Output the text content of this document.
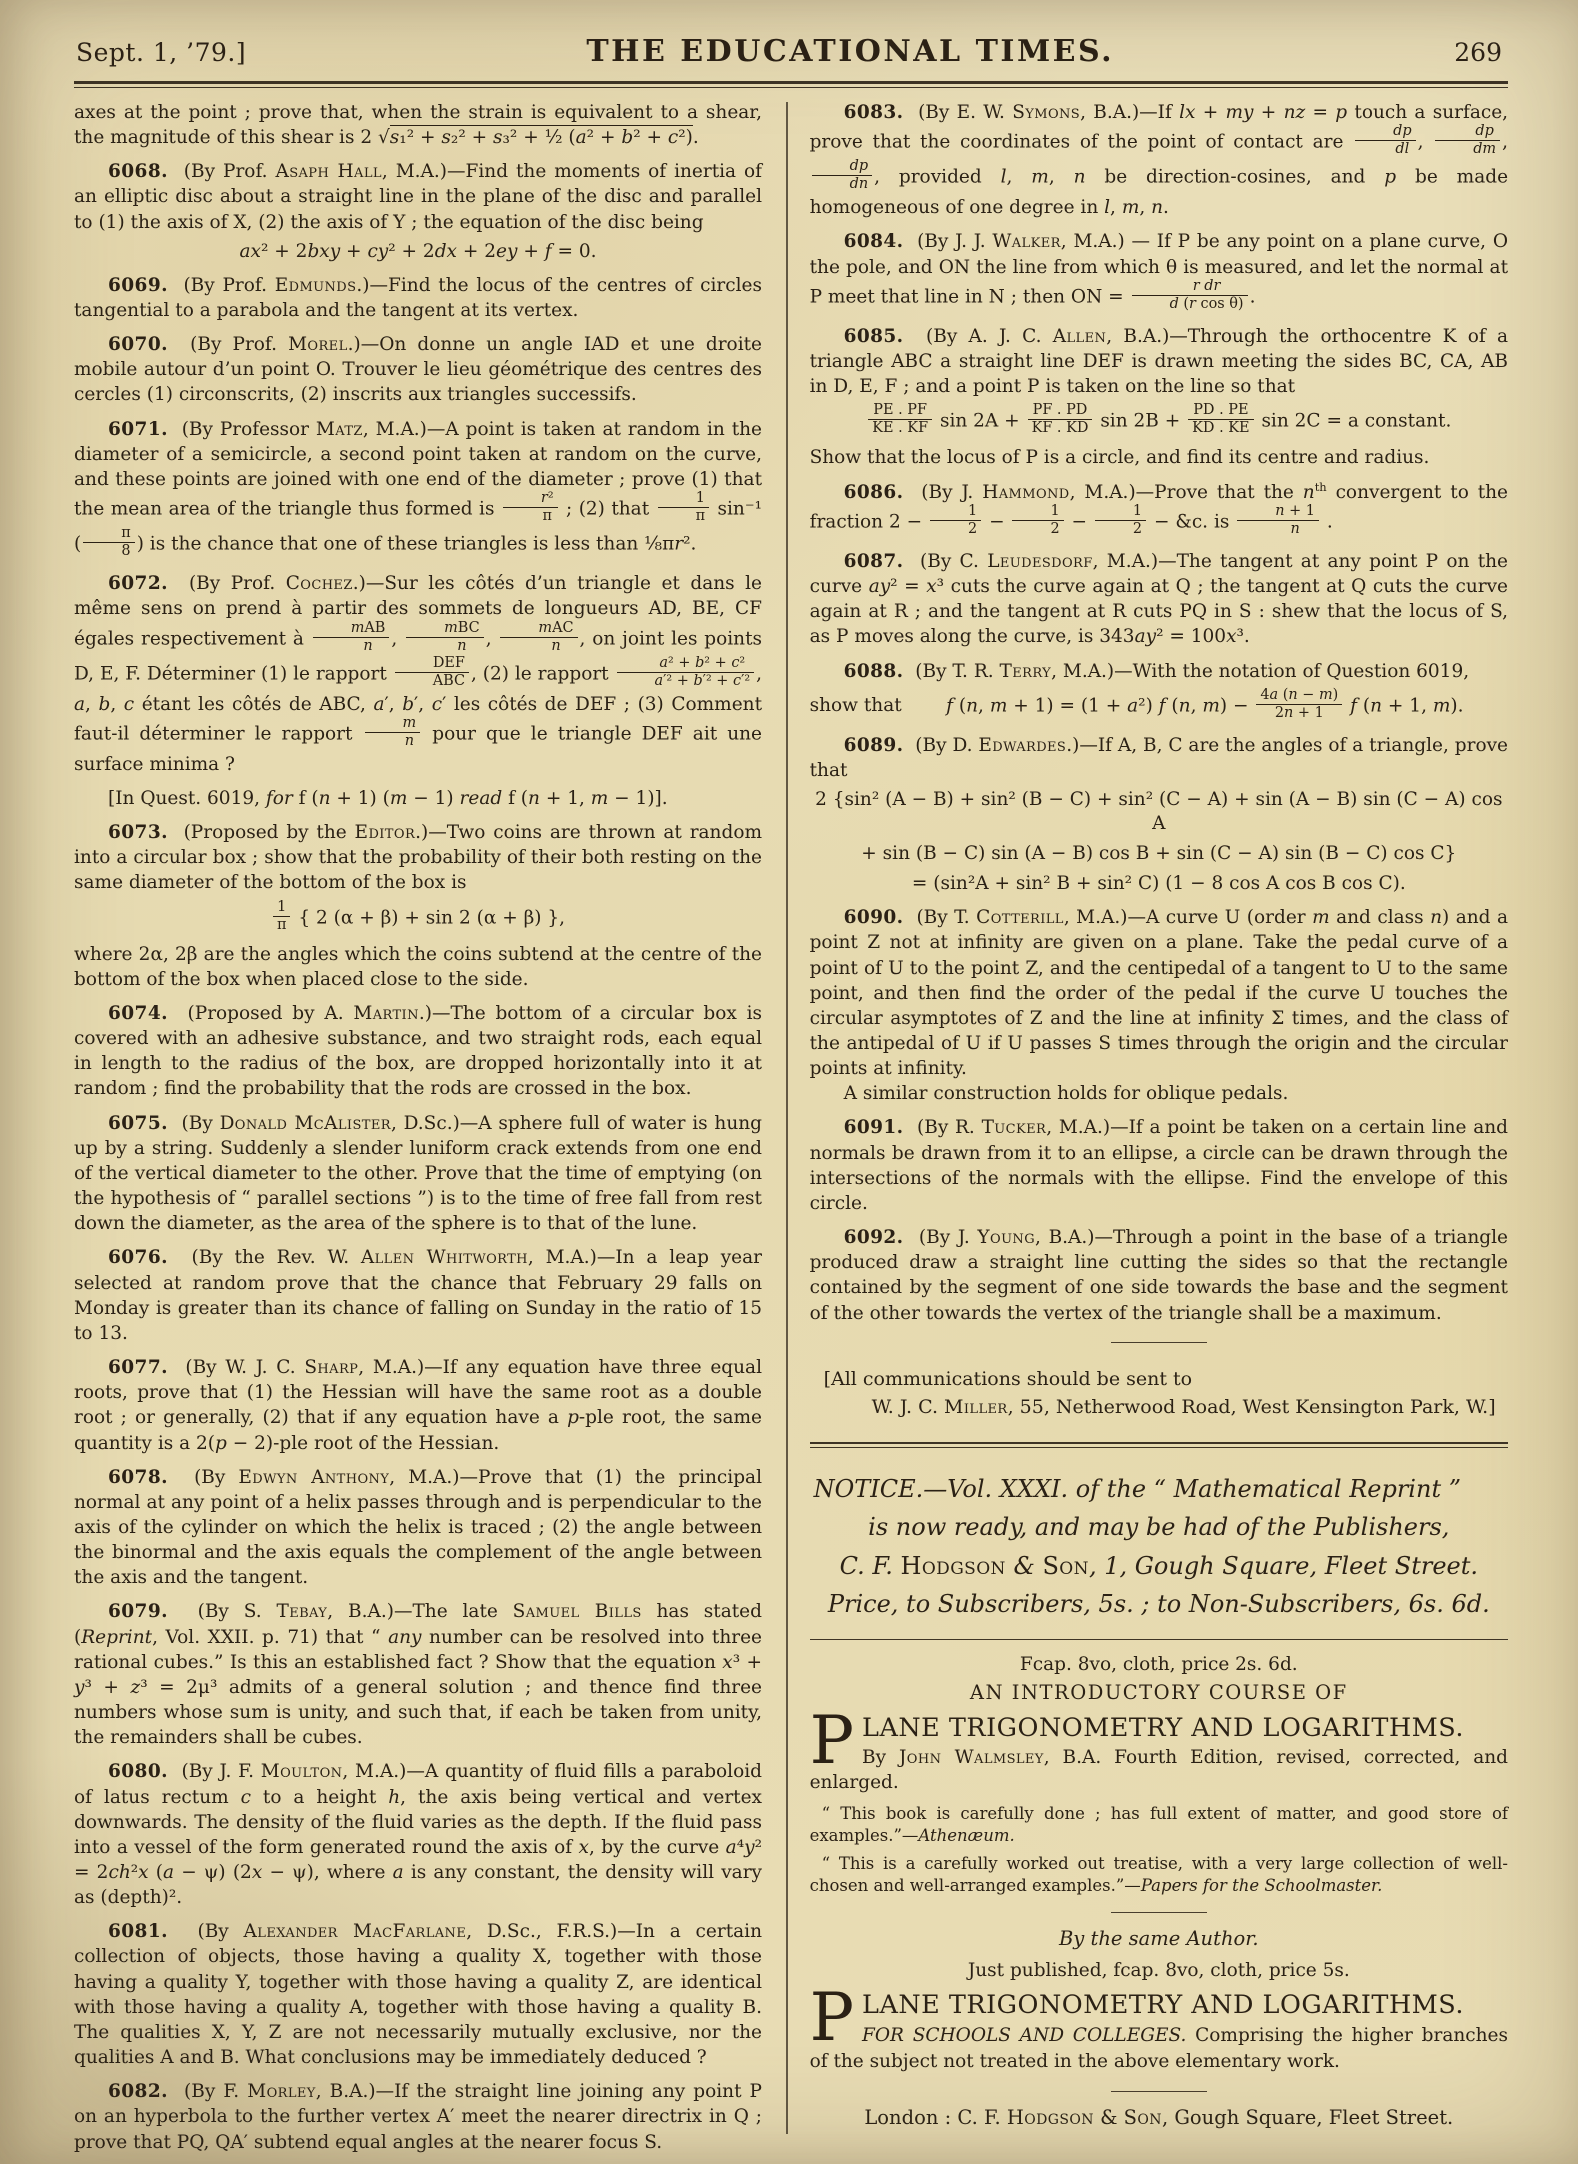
Sept. 1, ’79.]	THE EDUCATIONAL TIMES.	269

axes at the point ; prove that, when the strain is equivalent to a shear, the magnitude of this shear is 2 √s₁² + s₂² + s₃² + ½ (a² + b² + c²).

6068.  (By Prof. Asaph Hall, M.A.)—Find the moments of inertia of an elliptic disc about a straight line in the plane of the disc and parallel to (1) the axis of X, (2) the axis of Y ; the equation of the disc being

ax² + 2bxy + cy² + 2dx + 2ey + f = 0.

6069.  (By Prof. Edmunds.)—Find the locus of the centres of circles tangential to a parabola and the tangent at its vertex.

6070.  (By Prof. Morel.)—On donne un angle IAD et une droite mobile autour d’un point O. Trouver le lieu géométrique des centres des cercles (1) circonscrits, (2) inscrits aux triangles successifs.

6071.  (By Professor Matz, M.A.)—A point is taken at random in the diameter of a semicircle, a second point taken at random on the curve, and these points are joined with one end of the diameter ; prove (1) that the mean area of the triangle thus formed is $\frac{\text{r²}}{\pi}$ ; (2) that $\frac{1}{\pi} \sin^{-1}$ ( $\frac{\pi}{8}$ ) is the chance that one of these triangles is less than ⅛πr².

6072.  (By Prof. Cochez.)—Sur les côtés d’un triangle et dans le même sens on prend à partir des sommets de longueurs AD, BE, CF égales respectivement à $\frac{\text{mAB}}{n}$ , $\frac{\text{mBC}}{n}$ , $\frac{\text{mAC}}{n}$ , on joint les points D, E, F. Déterminer (1) le rapport $\frac{\text{DEF}}{\text{ABC}}$ , (2) le rapport $\frac{\text{a² + b² + c²}}{\text{a′² + b′² + c′²}}$ , a, b, c étant les côtés de ABC, a′, b′, c′ les côtés de DEF ; (3) Comment faut-il déterminer le rapport $\frac{m}{n}$ pour que le triangle DEF ait une surface minima ?

[In Quest. 6019, for f (n + 1) (m − 1) read f (n + 1, m − 1)].

6073.  (Proposed by the Editor.)—Two coins are thrown at random into a circular box ; show that the probability of their both resting on the same diameter of the bottom of the box is

$\frac{1}{\pi}$ { 2 (α + β) + sin 2 (α + β) },

where 2α, 2β are the angles which the coins subtend at the centre of the bottom of the box when placed close to the side.

6074.  (Proposed by A. Martin.)—The bottom of a circular box is covered with an adhesive substance, and two straight rods, each equal in length to the radius of the box, are dropped horizontally into it at random ; find the probability that the rods are crossed in the box.

6075.  (By Donald McAlister, D.Sc.)—A sphere full of water is hung up by a string. Suddenly a slender luniform crack extends from one end of the vertical diameter to the other. Prove that the time of emptying (on the hypothesis of “ parallel sections ”) is to the time of free fall from rest down the diameter, as the area of the sphere is to that of the lune.

6076.  (By the Rev. W. Allen Whitworth, M.A.)—In a leap year selected at random prove that the chance that February 29 falls on Monday is greater than its chance of falling on Sunday in the ratio of 15 to 13.

6077.  (By W. J. C. Sharp, M.A.)—If any equation have three equal roots, prove that (1) the Hessian will have the same root as a double root ; or generally, (2) that if any equation have a p-ple root, the same quantity is a 2(p − 2)-ple root of the Hessian.

6078.  (By Edwyn Anthony, M.A.)—Prove that (1) the principal normal at any point of a helix passes through and is perpendicular to the axis of the cylinder on which the helix is traced ; (2) the angle between the binormal and the axis equals the complement of the angle between the axis and the tangent.

6079.  (By S. Tebay, B.A.)—The late Samuel Bills has stated (Reprint, Vol. XXII. p. 71) that “ any number can be resolved into three rational cubes.” Is this an established fact ? Show that the equation x³ + y³ + z³ = 2μ³ admits of a general solution ; and thence find three numbers whose sum is unity, and such that, if each be taken from unity, the remainders shall be cubes.

6080.  (By J. F. Moulton, M.A.)—A quantity of fluid fills a paraboloid of latus rectum c to a height h, the axis being vertical and vertex downwards. The density of the fluid varies as the depth. If the fluid pass into a vessel of the form generated round the axis of x, by the curve a⁴y² = 2ch²x (a − ψ) (2x − ψ), where a is any constant, the density will vary as (depth)².

6081.  (By Alexander MacFarlane, D.Sc., F.R.S.)—In a certain collection of objects, those having a quality X, together with those having a quality Y, together with those having a quality Z, are identical with those having a quality A, together with those having a quality B. The qualities X, Y, Z are not necessarily mutually exclusive, nor the qualities A and B. What conclusions may be immediately deduced ?

6082.  (By F. Morley, B.A.)—If the straight line joining any point P on an hyperbola to the further vertex A′ meet the nearer directrix in Q ; prove that PQ, QA′ subtend equal angles at the nearer focus S.

6083.  (By E. W. Symons, B.A.)—If lx + my + nz = p touch a surface, prove that the coordinates of the point of contact are $\frac{dp}{dl}$ , $\frac{dp}{dm}$ ,
$\frac{dp}{dn}$ , provided l, m, n be direction-cosines, and p be made homogeneous of one degree in l, m, n.

6084.  (By J. J. Walker, M.A.) — If P be any point on a plane curve, O the pole, and ON the line from which θ is measured, and let the normal at P meet that line in N ; then ON = $\frac{\text{r dr}}{\text{d (r cos θ)}}$ .

6085.  (By A. J. C. Allen, B.A.)—Through the orthocentre K of a triangle ABC a straight line DEF is drawn meeting the sides BC, CA, AB in D, E, F ; and a point P is taken on the line so that

$\frac{PE . PF}{KE . KF}$ $\sin 2A + \frac{PF . PD}{KF . KD}$ $\sin 2B + \frac{PD . PE}{KD . KE}$ sin 2C = a constant.

Show that the locus of P is a circle, and find its centre and radius.

6086.  (By J. Hammond, M.A.)—Prove that the $n^{th}$ convergent to the fraction $2 - \frac{1}{2} - \frac{1}{2} - \frac{1}{2}$ − &c. is $\frac{n + 1}{n}$ .

6087.  (By C. Leudesdorf, M.A.)—The tangent at any point P on the curve ay² = x³ cuts the curve again at Q ; the tangent at Q cuts the curve again at R ; and the tangent at R cuts PQ in S : shew that the locus of S, as P moves along the curve, is 343ay² = 100x³.

6088.  (By T. R. Terry, M.A.)—With the notation of Question 6019,

show that	f (n, m + 1) = (1 + a²) f (n, $m) - \frac{4a (n - m)}{2n + 1}$ f (n + 1, m).

6089.  (By D. Edwardes.)—If A, B, C are the angles of a triangle, prove that

2 {sin² (A − B) + sin² (B − C) + sin² (C − A) + sin (A − B) sin (C − A) cos A
+ sin (B − C) sin (A − B) cos B + sin (C − A) sin (B − C) cos C}
= (sin²A + sin² B + sin² C) (1 − 8 cos A cos B cos C).

6090.  (By T. Cotterill, M.A.)—A curve U (order m and class n) and a point Z not at infinity are given on a plane. Take the pedal curve of a point of U to the point Z, and the centipedal of a tangent to U to the same point, and then find the order of the pedal if the curve U touches the circular asymptotes of Z and the line at infinity Σ times, and the class of the antipedal of U if U passes S times through the origin and the circular points at infinity.

A similar construction holds for oblique pedals.

6091.  (By R. Tucker, M.A.)—If a point be taken on a certain line and normals be drawn from it to an ellipse, a circle can be drawn through the intersections of the normals with the ellipse. Find the envelope of this circle.

6092.  (By J. Young, B.A.)—Through a point in the base of a triangle produced draw a straight line cutting the sides so that the rectangle contained by the segment of one side towards the base and the segment of the other towards the vertex of the triangle shall be a maximum.

[All communications should be sent to
W. J. C. Miller, 55, Netherwood Road, West Kensington Park, W.]
NOTICE.—Vol. XXXI. of the “ Mathematical Reprint ”
is now ready, and may be had of the Publishers,
C. F. Hodgson & Son, 1, Gough Square, Fleet Street.
Price, to Subscribers, 5s. ; to Non-Subscribers, 6s. 6d.
Fcap. 8vo, cloth, price 2s. 6d.
AN INTRODUCTORY COURSE OF
P LANE TRIGONOMETRY AND LOGARITHMS.
By John Walmsley, B.A. Fourth Edition, revised, corrected, and enlarged.
“ This book is carefully done ; has full extent of matter, and good store of examples.”—Athenæum.
“ This is a carefully worked out treatise, with a very large collection of well-chosen and well-arranged examples.”—Papers for the Schoolmaster.
By the same Author.
Just published, fcap. 8vo, cloth, price 5s.
P LANE TRIGONOMETRY AND LOGARITHMS.
FOR SCHOOLS AND COLLEGES. Comprising the higher branches of the subject not treated in the above elementary work.
London : C. F. Hodgson & Son, Gough Square, Fleet Street.
